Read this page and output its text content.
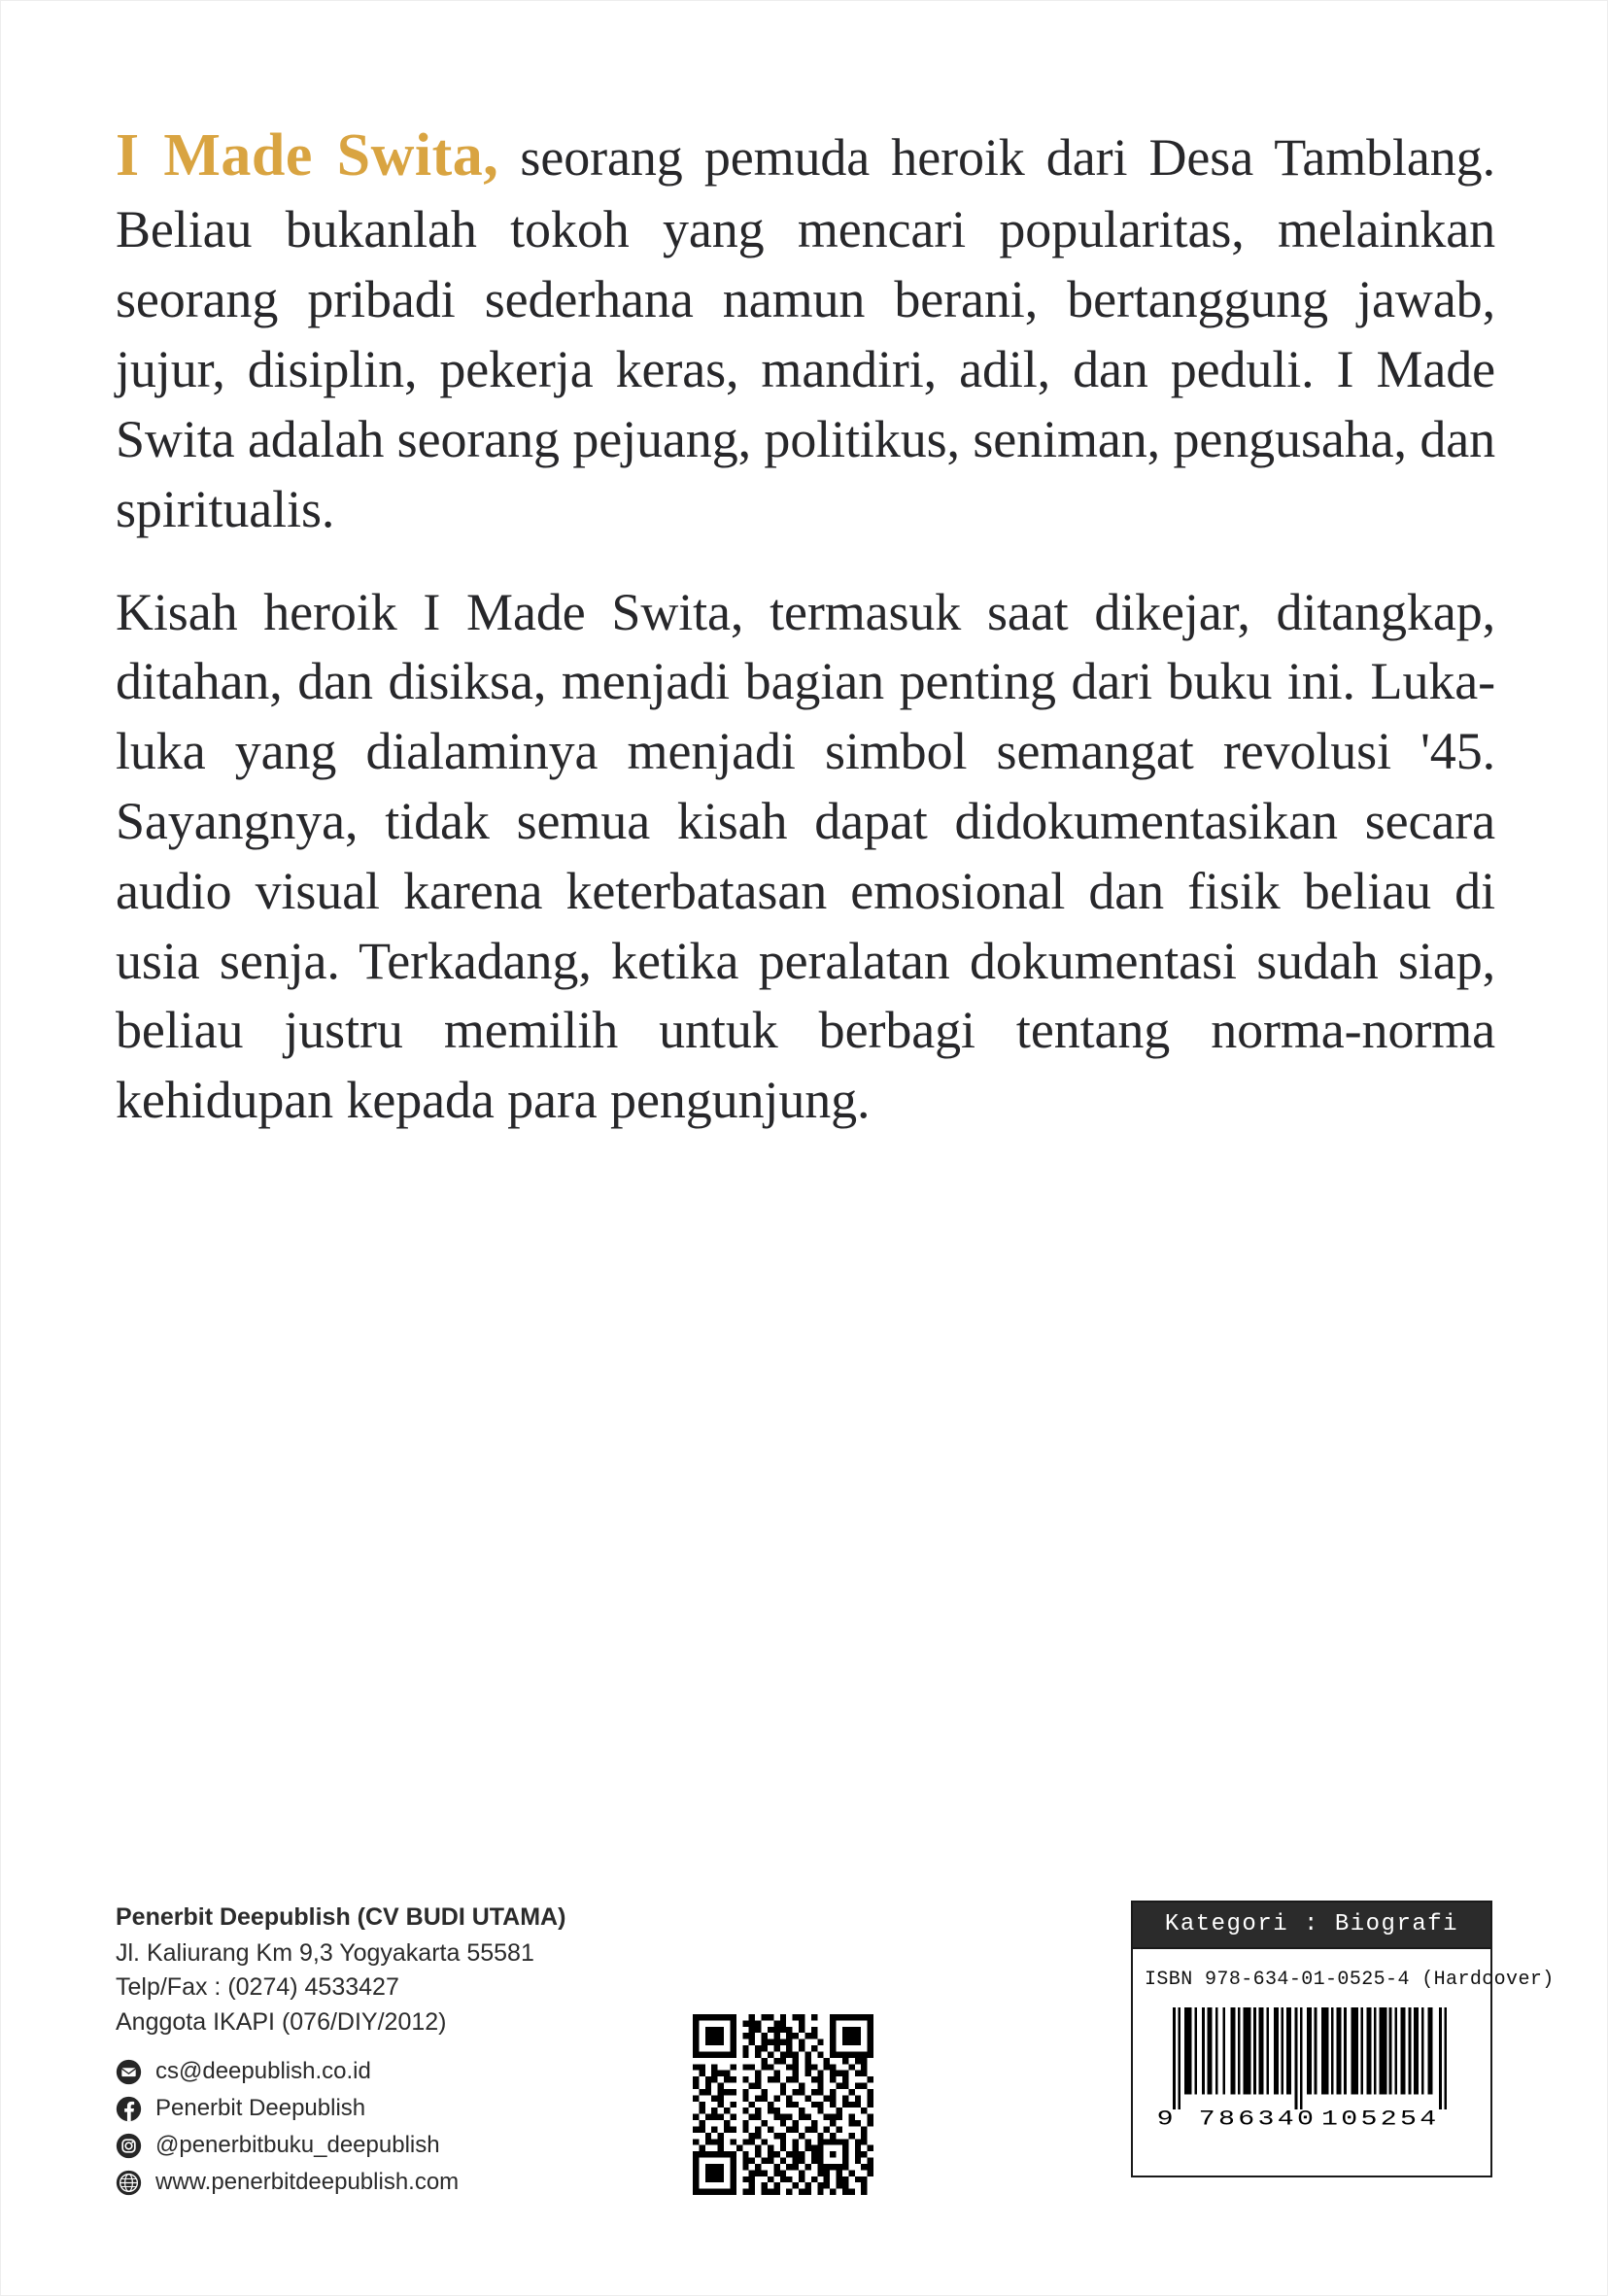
I Made Swita, seorang pemuda heroik dari Desa Tamblang. Beliau bukanlah tokoh yang mencari popularitas, melainkan seorang pribadi sederhana namun berani, bertanggung jawab, jujur, disiplin, pekerja keras, mandiri, adil, dan peduli. I Made Swita adalah seorang pejuang, politikus, seniman, pengusaha, dan spiritualis.

Kisah heroik I Made Swita, termasuk saat dikejar, ditangkap, ditahan, dan disiksa, menjadi bagian penting dari buku ini. Luka-luka yang dialaminya menjadi simbol semangat revolusi '45. Sayangnya, tidak semua kisah dapat didokumentasikan secara audio visual karena keterbatasan emosional dan fisik beliau di usia senja. Terkadang, ketika peralatan dokumentasi sudah siap, beliau justru memilih untuk berbagi tentang norma-norma kehidupan kepada para pengunjung.

Penerbit Deepublish (CV BUDI UTAMA)
Jl. Kaliurang Km 9,3 Yogyakarta 55581
Telp/Fax : (0274) 4533427
Anggota IKAPI (076/DIY/2012)
cs@deepublish.co.id
Penerbit Deepublish
@penerbitbuku_deepublish
www.penerbitdeepublish.com
Kategori : Biografi
ISBN 978-634-01-0525-4 (Hardcover)
9 786340 105254
